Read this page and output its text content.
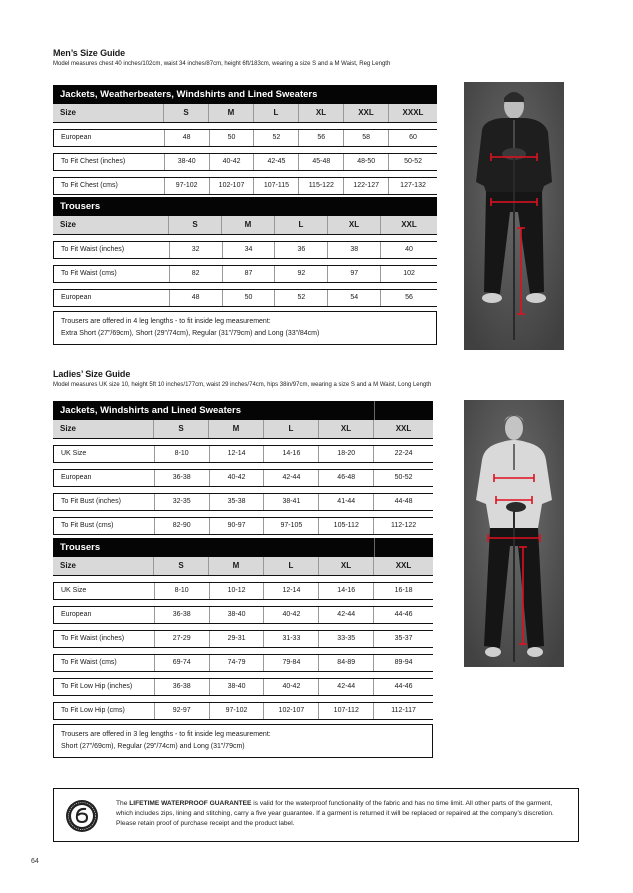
Men’s Size Guide
Model measures chest 40 inches/102cm, waist 34 inches/87cm, height 6ft/183cm, wearing a size S and a M Waist, Reg Length
Jackets, Weatherbeaters, Windshirts and Lined Sweaters
Size	S	M	L	XL	XXL	XXXL
European	48	50	52	56	58	60
To Fit Chest (inches)	38-40	40-42	42-45	45-48	48-50	50-52
To Fit Chest (cms)	97-102	102-107	107-115	115-122	122-127	127-132
Trousers
Size	S	M	L	XL	XXL
To Fit Waist (inches)	32	34	36	38	40
To Fit Waist (cms)	82	87	92	97	102
European	48	50	52	54	56
Trousers are offered in 4 leg lengths - to fit inside leg measurement:
Extra Short (27”/69cm), Short (29”/74cm), Regular (31”/79cm) and Long (33”/84cm)
Ladies’ Size Guide
Model measures UK size 10, height 5ft 10 inches/177cm, waist 29 inches/74cm, hips 38in/97cm, wearing a size S and a M Waist, Long Length
Jackets, Windshirts and Lined Sweaters
Size	S	M	L	XL	XXL
UK Size	8-10	12-14	14-16	18-20	22-24
European	36-38	40-42	42-44	46-48	50-52
To Fit Bust (inches)	32-35	35-38	38-41	41-44	44-48
To Fit Bust (cms)	82-90	90-97	97-105	105-112	112-122
Trousers
Size	S	M	L	XL	XXL
UK Size	8-10	10-12	12-14	14-16	16-18
European	36-38	38-40	40-42	42-44	44-46
To Fit Waist (inches)	27-29	29-31	31-33	33-35	35-37
To Fit Waist (cms)	69-74	74-79	79-84	84-89	89-94
To Fit Low Hip (inches)	36-38	38-40	40-42	42-44	44-46
To Fit Low Hip (cms)	92-97	97-102	102-107	107-112	112-117
Trousers are offered in 3 leg lengths - to fit inside leg measurement:
Short (27”/69cm), Regular (29”/74cm) and Long (31”/79cm)
The LIFETIME WATERPROOF GUARANTEE is valid for the waterproof functionality of the fabric and has no time limit. All other parts of the garment, which includes zips, lining and stitching, carry a five year guarantee. If a garment is returned it will be replaced or repaired at the company’s discretion. Please retain proof of purchase receipt and the product label.
64
